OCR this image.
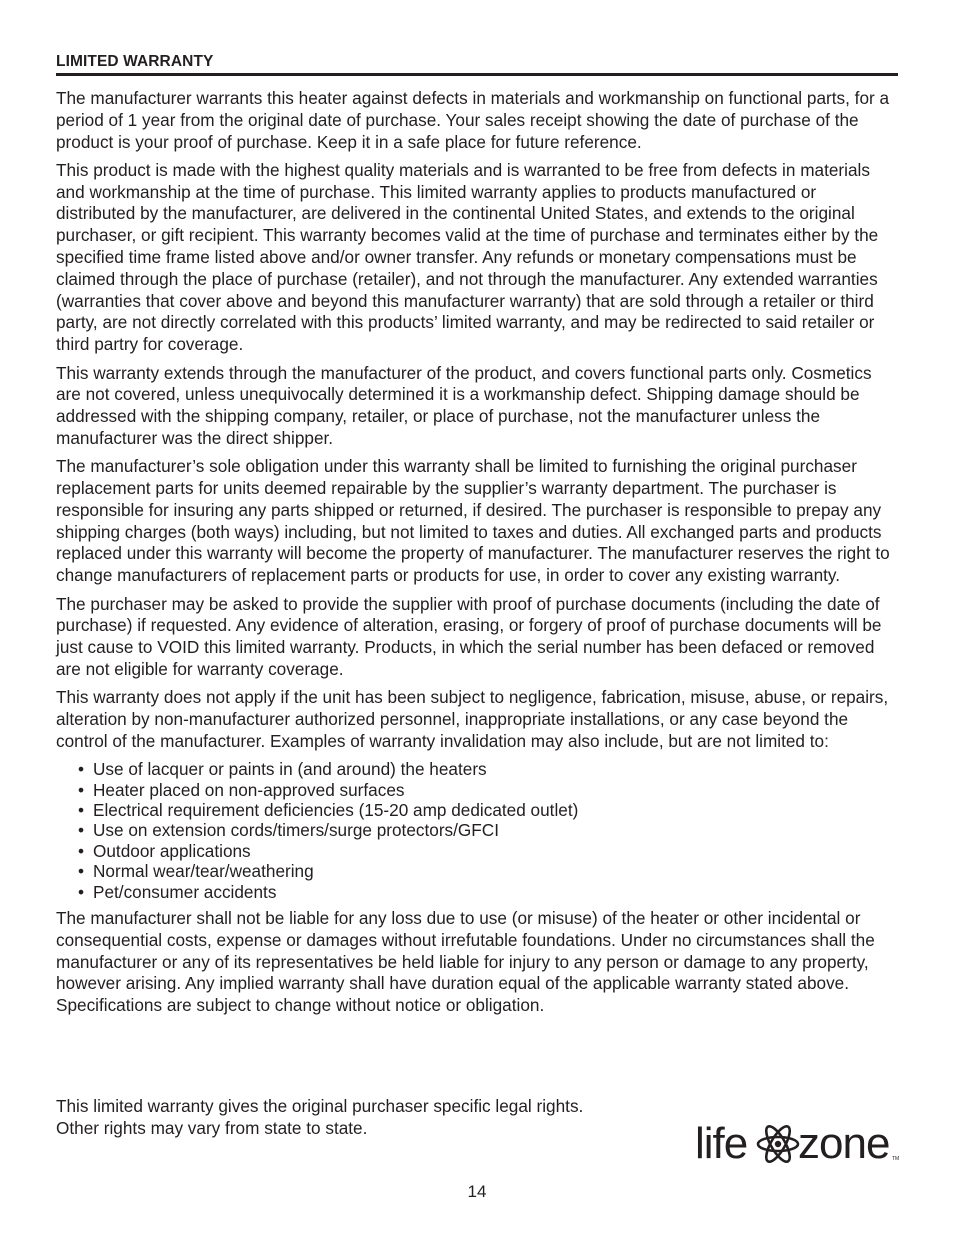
LIMITED WARRANTY

The manufacturer warrants this heater against defects in materials and workmanship on functional parts, for a period of 1 year from the original date of purchase. Your sales receipt showing the date of purchase of the product is your proof of purchase. Keep it in a safe place for future reference.

This product is made with the highest quality materials and is warranted to be free from defects in materials and workmanship at the time of purchase. This limited warranty applies to products manufactured or distributed by the manufacturer, are delivered in the continental United States, and extends to the original purchaser, or gift recipient. This warranty becomes valid at the time of purchase and terminates either by the specified time frame listed above and/or owner transfer. Any refunds or monetary compensations must be claimed through the place of purchase (retailer), and not through the manufacturer. Any extended warranties (warranties that cover above and beyond this manufacturer warranty) that are sold through a retailer or third party, are not directly correlated with this products’ limited warranty, and may be redirected to said retailer or third partry for coverage.

This warranty extends through the manufacturer of the product, and covers functional parts only. Cosmetics are not covered, unless unequivocally determined it is a workmanship defect. Shipping damage should be addressed with the shipping company, retailer, or place of purchase, not the manufacturer unless the manufacturer was the direct shipper.

The manufacturer’s sole obligation under this warranty shall be limited to furnishing the original purchaser replacement parts for units deemed repairable by the supplier’s warranty department. The purchaser is responsible for insuring any parts shipped or returned, if desired. The purchaser is responsible to prepay any shipping charges (both ways) including, but not limited to taxes and duties. All exchanged parts and products replaced under this warranty will become the property of manufacturer. The manufacturer reserves the right to change manufacturers of replacement parts or products for use, in order to cover any existing warranty.

The purchaser may be asked to provide the supplier with proof of purchase documents (including the date of purchase) if requested. Any evidence of alteration, erasing, or forgery of proof of purchase documents will be just cause to VOID this limited warranty. Products, in which the serial number has been defaced or removed are not eligible for warranty coverage.

This warranty does not apply if the unit has been subject to negligence, fabrication, misuse, abuse, or repairs, alteration by non-manufacturer authorized personnel, inappropriate installations, or any case beyond the control of the manufacturer. Examples of warranty invalidation may also include, but are not limited to:

• Use of lacquer or paints in (and around) the heaters
• Heater placed on non-approved surfaces
• Electrical requirement deficiencies (15-20 amp dedicated outlet)
• Use on extension cords/timers/surge protectors/GFCI
• Outdoor applications
• Normal wear/tear/weathering
• Pet/consumer accidents

The manufacturer shall not be liable for any loss due to use (or misuse) of the heater or other incidental or consequential costs, expense or damages without irrefutable foundations. Under no circumstances shall the manufacturer or any of its representatives be held liable for injury to any person or damage to any property, however arising. Any implied warranty shall have duration equal of the applicable warranty stated above. Specifications are subject to change without notice or obligation.

This limited warranty gives the original purchaser specific legal rights.
Other rights may vary from state to state.	life zone TM
14
